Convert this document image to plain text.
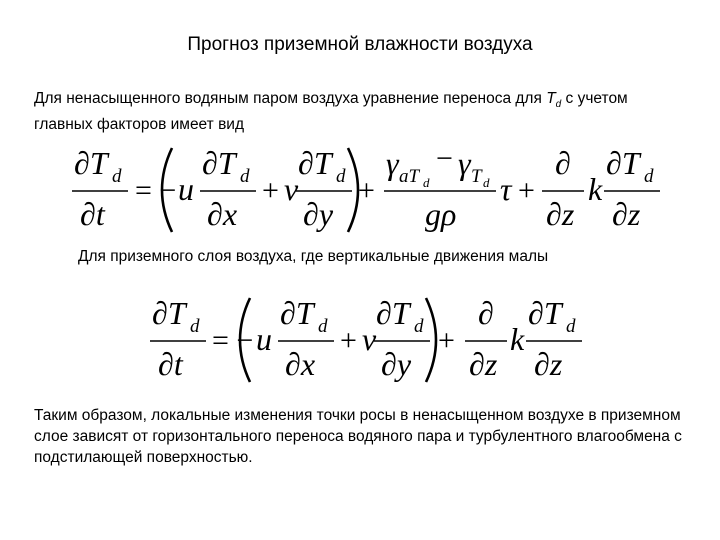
Прогноз приземной влажности воздуха

Для ненасыщенного водяным паром воздуха уравнение переноса для $T_d$ с учетом главных факторов имеет вид

∂T d
∂t
= − u
∂T d
∂x
+ v
∂T d
∂y
+
γ aT d
− γ T d
gρ
τ +
∂
∂z
k
∂T d
∂z

Для приземного слоя воздуха, где вертикальные движения малы

∂T d
∂t
= − u
∂T d
∂x
+ v
∂T d
∂y
+
∂
∂z
k
∂T d
∂z

Таким образом, локальные изменения точки росы в ненасыщенном воздухе в приземном слое зависят от горизонтального переноса водяного пара и турбулентного влагообмена с подстилающей поверхностью.
